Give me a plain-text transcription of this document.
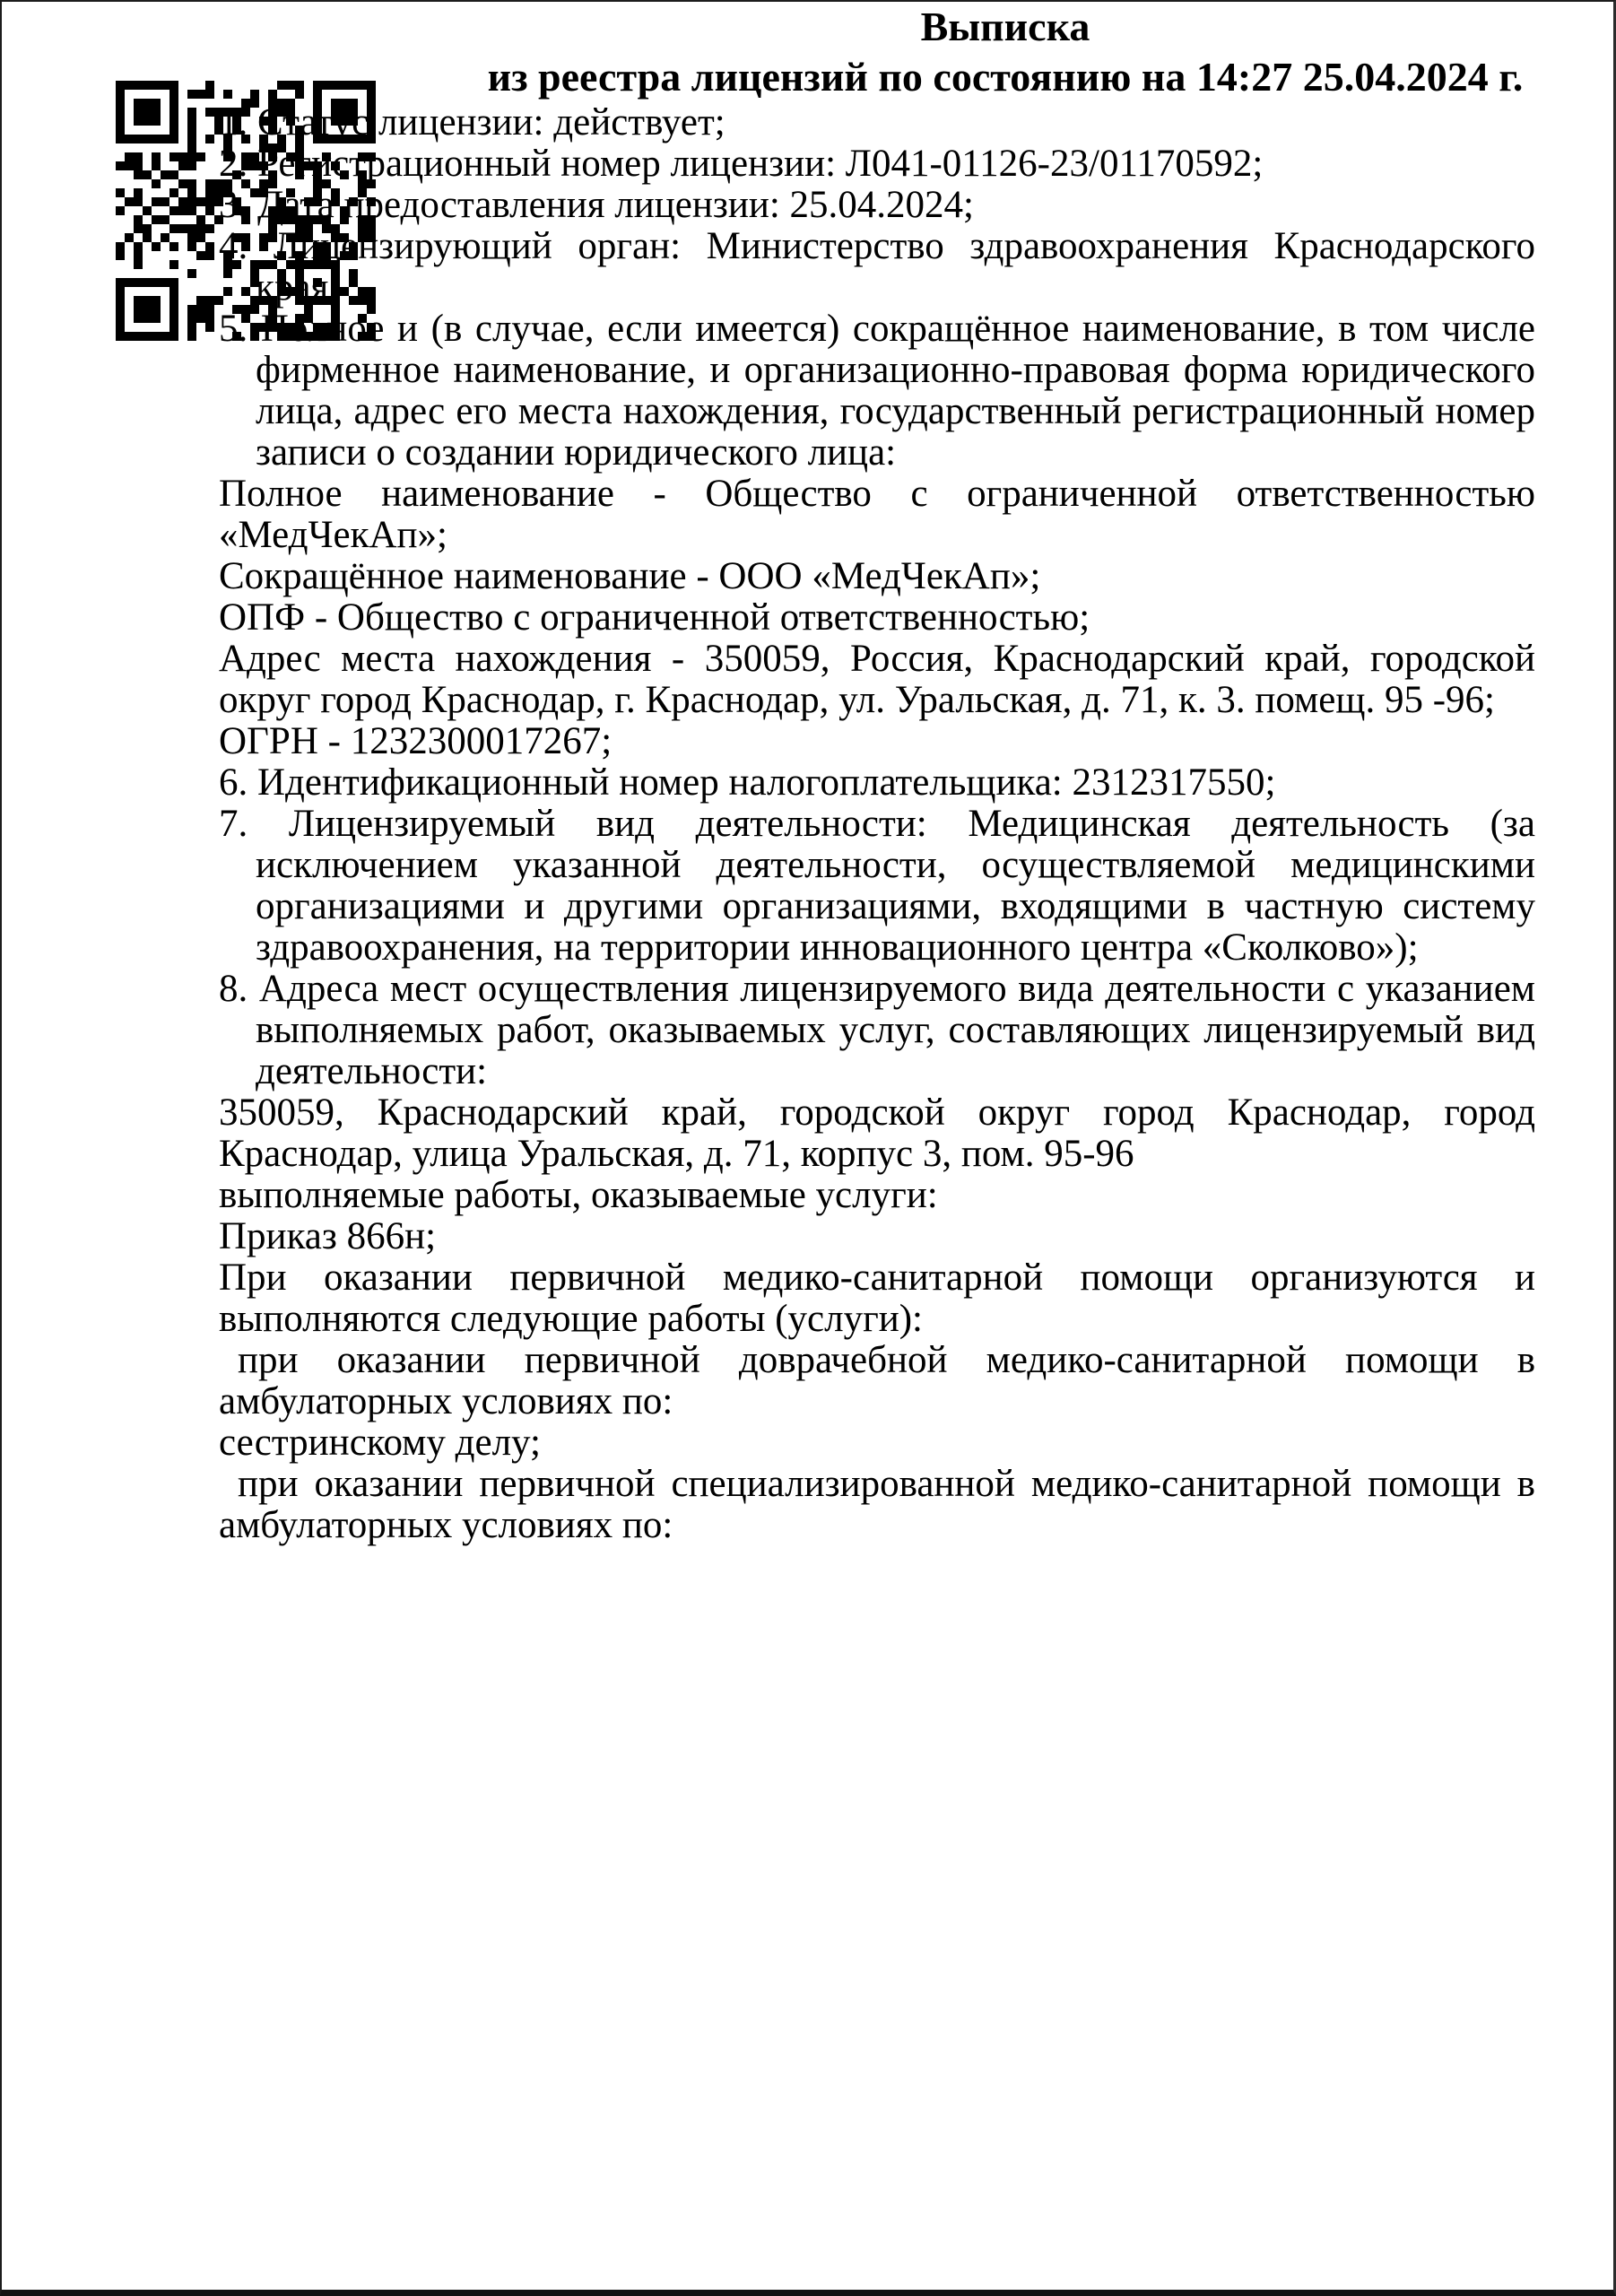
Выписка

из реестра лицензий по состоянию на 14:27 25.04.2024 г.

1. Статус лицензии: действует;

2. Регистрационный номер лицензии: Л041-01126-23/01170592;

3. Дата предоставления лицензии: 25.04.2024;

4. Лицензирующий орган: Министерство здравоохранения Краснодарского края;

5. Полное и (в случае, если имеется) сокращённое наименование, в том числе фирменное наименование, и организационно-правовая форма юридического лица, адрес его места нахождения, государственный регистрационный номер записи о создании юридического лица:

Полное наименование - Общество с ограниченной ответственностью «МедЧекАп»;

Сокращённое наименование - ООО «МедЧекАп»;

ОПФ - Общество с ограниченной ответственностью;

Адрес места нахождения - 350059, Россия, Краснодарский край, городской округ город Краснодар, г. Краснодар, ул. Уральская, д. 71, к. 3. помещ. 95 -96;

ОГРН - 1232300017267;

6. Идентификационный номер налогоплательщика: 2312317550;

7. Лицензируемый вид деятельности: Медицинская деятельность (за исключением указанной деятельности, осуществляемой медицинскими организациями и другими организациями, входящими в частную систему здравоохранения, на территории инновационного центра «Сколково»);

8. Адреса мест осуществления лицензируемого вида деятельности с указанием выполняемых работ, оказываемых услуг, составляющих лицензируемый вид деятельности:

350059, Краснодарский край, городской округ город Краснодар, город Краснодар, улица Уральская, д. 71, корпус 3, пом. 95-96

выполняемые работы, оказываемые услуги:

Приказ 866н;

При оказании первичной медико-санитарной помощи организуются и выполняются следующие работы (услуги):

при оказании первичной доврачебной медико-санитарной помощи в амбулаторных условиях по:

сестринскому делу;

при оказании первичной специализированной медико-санитарной помощи в амбулаторных условиях по:
